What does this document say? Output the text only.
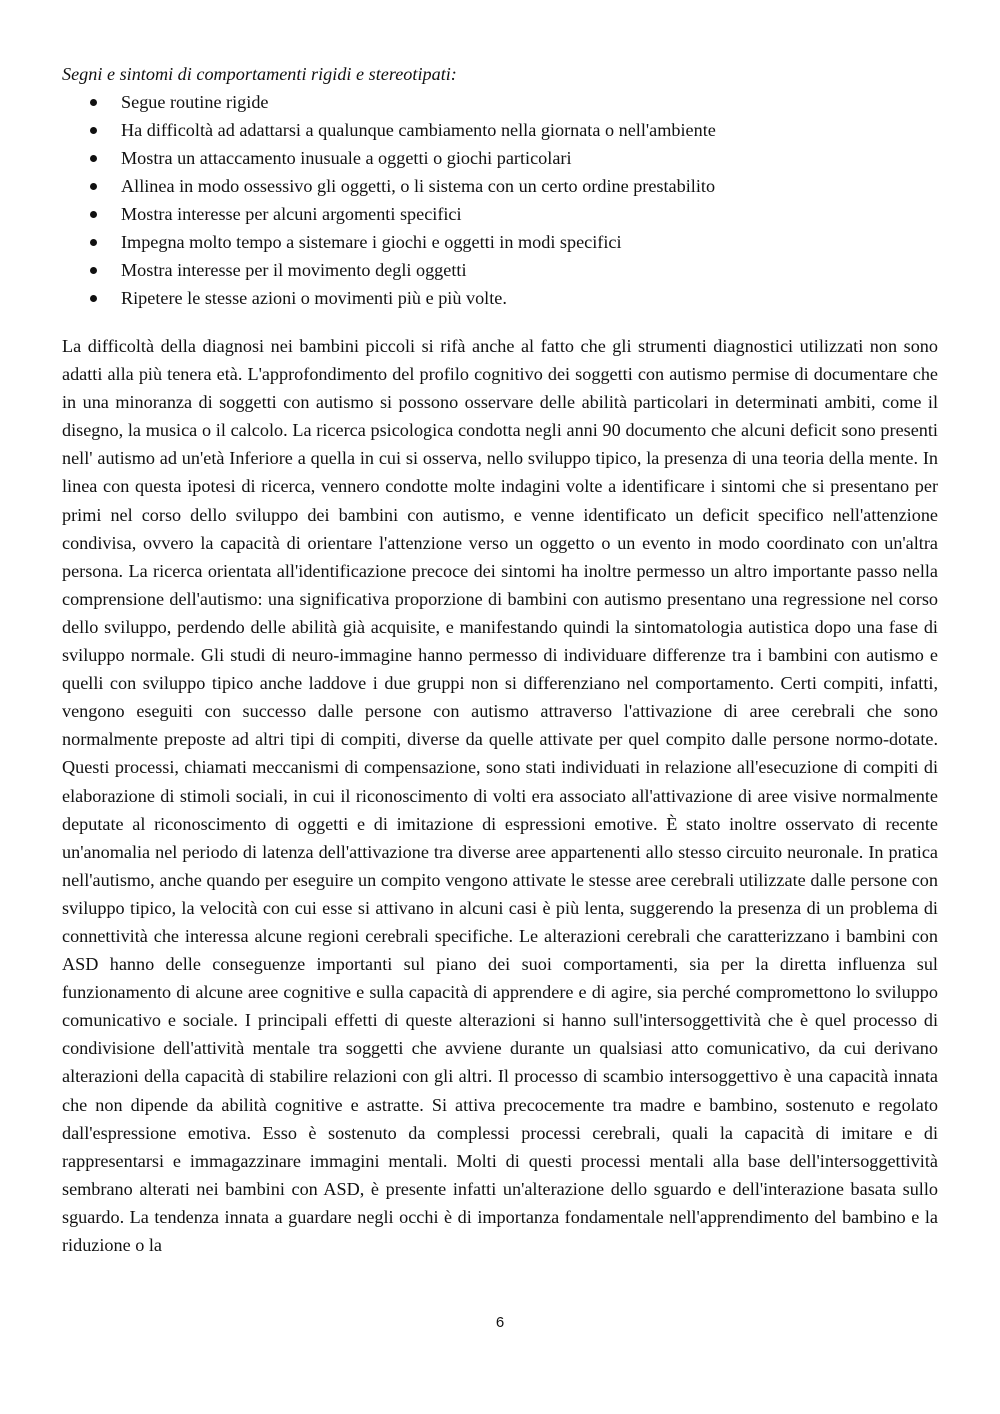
Segni e sintomi di comportamenti rigidi e stereotipati:

Segue routine rigide
Ha difficoltà ad adattarsi a qualunque cambiamento nella giornata o nell'ambiente
Mostra un attaccamento inusuale a oggetti o giochi particolari
Allinea in modo ossessivo gli oggetti, o li sistema con un certo ordine prestabilito
Mostra interesse per alcuni argomenti specifici
Impegna molto tempo a sistemare i giochi e oggetti in modi specifici
Mostra interesse per il movimento degli oggetti
Ripetere le stesse azioni o movimenti più e più volte.

La difficoltà della diagnosi nei bambini piccoli si rifà anche al fatto che gli strumenti diagnostici utilizzati non sono adatti alla più tenera età. L'approfondimento del profilo cognitivo dei soggetti con autismo permise di documentare che in una minoranza di soggetti con autismo si possono osservare delle abilità particolari in determinati ambiti, come il disegno, la musica o il calcolo. La ricerca psicologica condotta negli anni 90 documento che alcuni deficit sono presenti nell' autismo ad un'età Inferiore a quella in cui si osserva, nello sviluppo tipico, la presenza di una teoria della mente. In linea con questa ipotesi di ricerca, vennero condotte molte indagini volte a identificare i sintomi che si presentano per primi nel corso dello sviluppo dei bambini con autismo, e venne identificato un deficit specifico nell'attenzione condivisa, ovvero la capacità di orientare l'attenzione verso un oggetto o un evento in modo coordinato con un'altra persona. La ricerca orientata all'identificazione precoce dei sintomi ha inoltre permesso un altro importante passo nella comprensione dell'autismo: una significativa proporzione di bambini con autismo presentano una regressione nel corso dello sviluppo, perdendo delle abilità già acquisite, e manifestando quindi la sintomatologia autistica dopo una fase di sviluppo normale. Gli studi di neuro-immagine hanno permesso di individuare differenze tra i bambini con autismo e quelli con sviluppo tipico anche laddove i due gruppi non si differenziano nel comportamento. Certi compiti, infatti, vengono eseguiti con successo dalle persone con autismo attraverso l'attivazione di aree cerebrali che sono normalmente preposte ad altri tipi di compiti, diverse da quelle attivate per quel compito dalle persone normo-dotate. Questi processi, chiamati meccanismi di compensazione, sono stati individuati in relazione all'esecuzione di compiti di elaborazione di stimoli sociali, in cui il riconoscimento di volti era associato all'attivazione di aree visive normalmente deputate al riconoscimento di oggetti e di imitazione di espressioni emotive. È stato inoltre osservato di recente un'anomalia nel periodo di latenza dell'attivazione tra diverse aree appartenenti allo stesso circuito neuronale. In pratica nell'autismo, anche quando per eseguire un compito vengono attivate le stesse aree cerebrali utilizzate dalle persone con sviluppo tipico, la velocità con cui esse si attivano in alcuni casi è più lenta, suggerendo la presenza di un problema di connettività che interessa alcune regioni cerebrali specifiche. Le alterazioni cerebrali che caratterizzano i bambini con ASD hanno delle conseguenze importanti sul piano dei suoi comportamenti, sia per la diretta influenza sul funzionamento di alcune aree cognitive e sulla capacità di apprendere e di agire, sia perché compromettono lo sviluppo comunicativo e sociale. I principali effetti di queste alterazioni si hanno sull'intersoggettività che è quel processo di condivisione dell'attività mentale tra soggetti che avviene durante un qualsiasi atto comunicativo, da cui derivano alterazioni della capacità di stabilire relazioni con gli altri. Il processo di scambio intersoggettivo è una capacità innata che non dipende da abilità cognitive e astratte. Si attiva precocemente tra madre e bambino, sostenuto e regolato dall'espressione emotiva. Esso è sostenuto da complessi processi cerebrali, quali la capacità di imitare e di rappresentarsi e immagazzinare immagini mentali. Molti di questi processi mentali alla base dell'intersoggettività sembrano alterati nei bambini con ASD, è presente infatti un'alterazione dello sguardo e dell'interazione basata sullo sguardo. La tendenza innata a guardare negli occhi è di importanza fondamentale nell'apprendimento del bambino e la riduzione o la

6
